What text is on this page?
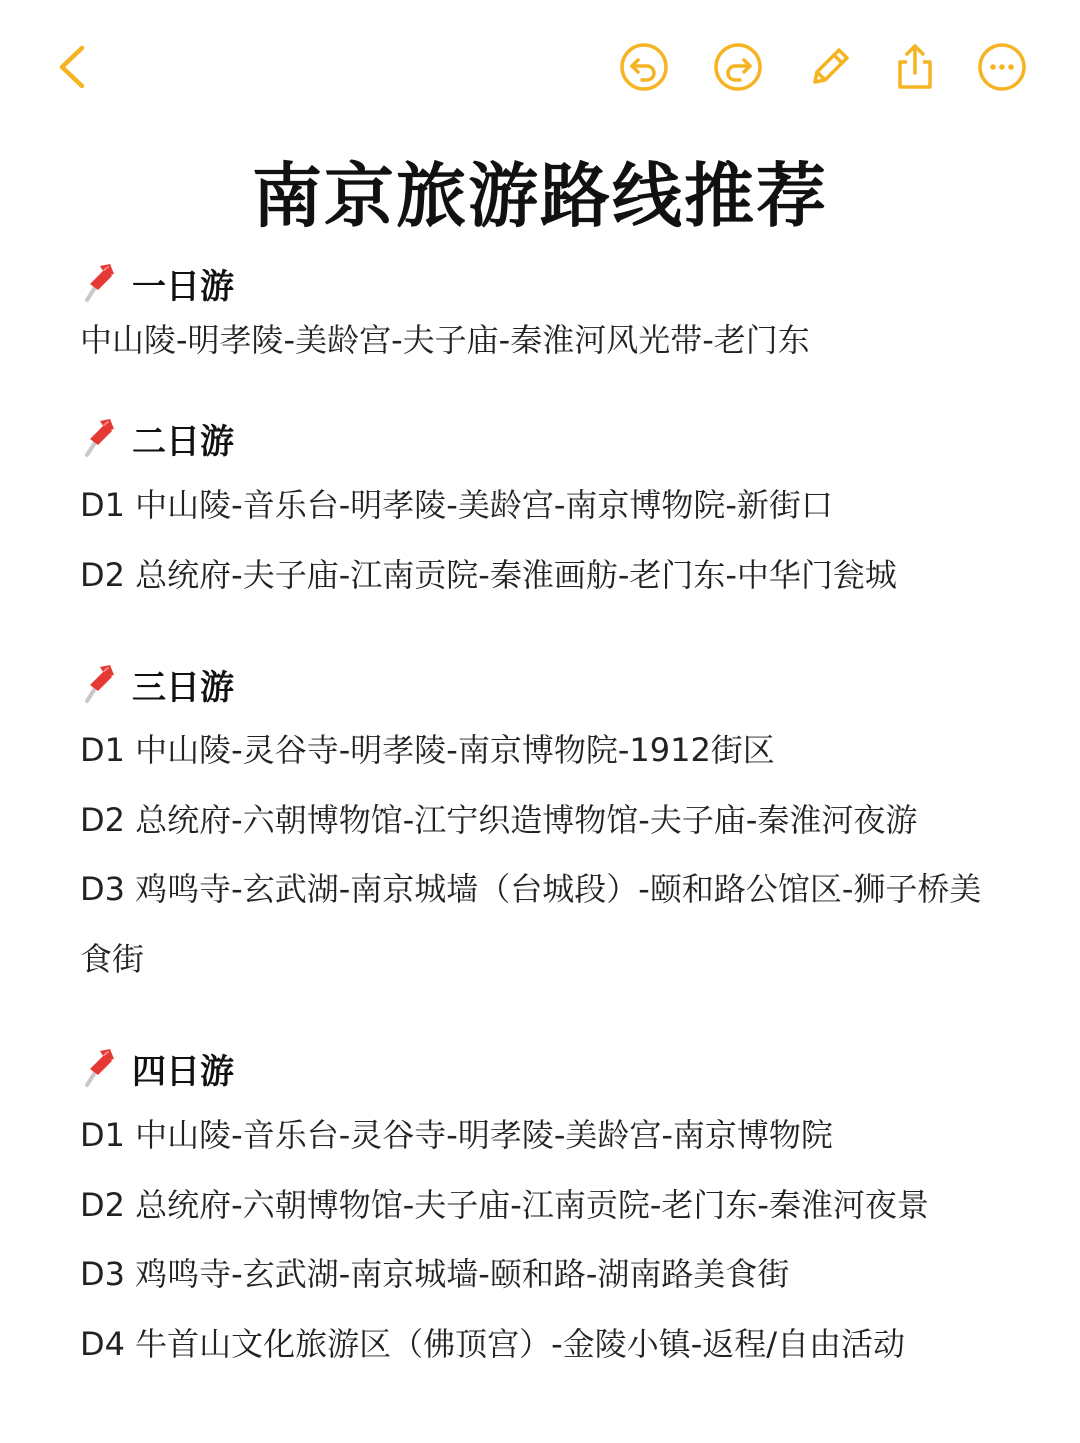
南京旅游路线推荐
一日游
中山陵-明孝陵-美龄宫-夫子庙-秦淮河风光带-老门东
二日游
D1 中山陵-音乐台-明孝陵-美龄宫-南京博物院-新街口
D2 总统府-夫子庙-江南贡院-秦淮画舫-老门东-中华门瓮城
三日游
D1 中山陵-灵谷寺-明孝陵-南京博物院-1912街区
D2 总统府-六朝博物馆-江宁织造博物馆-夫子庙-秦淮河夜游
D3 鸡鸣寺-玄武湖-南京城墙（台城段）-颐和路公馆区-狮子桥美
食街
四日游
D1 中山陵-音乐台-灵谷寺-明孝陵-美龄宫-南京博物院
D2 总统府-六朝博物馆-夫子庙-江南贡院-老门东-秦淮河夜景
D3 鸡鸣寺-玄武湖-南京城墙-颐和路-湖南路美食街
D4 牛首山文化旅游区（佛顶宫）-金陵小镇-返程/自由活动
